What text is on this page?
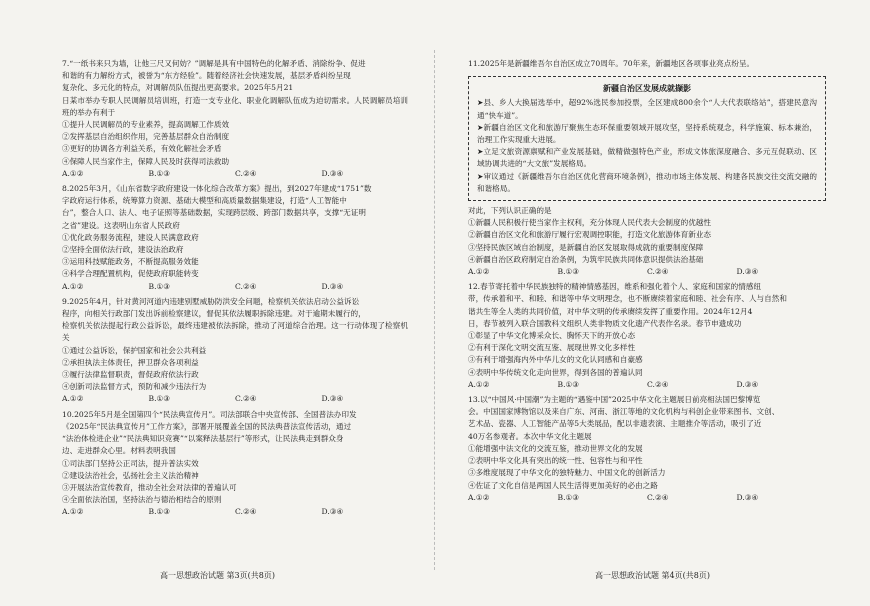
7.“一纸书来只为墙，让他三尺又何妨？”调解是具有中国特色的化解矛盾、消除纷争、促进

和谐的有力解纷方式，被誉为“东方经验”。随着经济社会快速发展，基层矛盾纠纷呈现

复杂化、多元化的特点，对调解员队伍提出更高要求。2025年5月21

日某市举办专职人民调解员培训班，打造一支专业化、职业化调解队伍成为迫切需求。人民调解员培训班的举办有利于

①提升人民调解员的专业素养，提高调解工作质效

②发挥基层自治组织作用，完善基层群众自治制度

③更好的协调各方利益关系，有效化解社会矛盾

④保障人民当家作主，保障人民及时获得司法救助

A.①②	B.①③	C.②④	D.③④

8.2025年3月，《山东省数字政府建设一体化综合改革方案》提出，到2027年建成“1751”数

字政府运行体系，统筹算力资源、基础大模型和高质量数据集建设，打造“人工智能中

台”，整合人口、法人、电子证照等基础数据，实现跨层级、跨部门数据共享，支撑“无证明

之省”建设。这表明山东省人民政府

①优化政务服务流程，建设人民满意政府

②坚持全面依法行政，建设法治政府

③运用科技赋能政务，不断提高服务效能

④科学合理配置机构，促使政府职能转变

A.①②	B.①③	C.②④	D.③④

9.2025年4月，针对黄河河道内违建别墅威胁防洪安全问题，检察机关依法启动公益诉讼

程序，向相关行政部门发出诉前检察建议，督促其依法履职拆除违建。对于逾期未履行的，

检察机关依法提起行政公益诉讼，最终违建被依法拆除，推动了河道综合治理。这一行动体现了检察机关

①通过公益诉讼，保护国家和社会公共利益

②承担执法主体责任，押卫群众各项利益

③履行法律监督职责，督促政府依法行政

④创新司法监督方式，预防和减少违法行为

A.①②	B.①③	C.②④	D.③④

10.2025年5月是全国第四个“民法典宣传月”。司法部联合中央宣传部、全国普法办印发

《2025年“民法典宣传月”工作方案》，部署开展覆盖全国的民法典普法宣传活动，通过

“法治体检进企业”“民法典知识竞赛”“以案释法基层行”等形式，让民法典走到群众身

边、走进群众心里。材料表明我国

①司法部门坚持公正司法，提升普法实效

②建设法治社会，弘扬社会主义法治精神

③开展法治宣传教育，推动全社会对法律的普遍认可

④全面依法治国，坚持法治与德治相结合的原则

A.①②	B.①③	C.②④	D.③④
高一思想政治试题 第3页(共8页)

11.2025年是新疆维吾尔自治区成立70周年。70年来，新疆地区各项事业亮点纷呈。

新疆自治区发展成就撷影

➤县、乡人大换届选举中，超92%选民参加投票，全区建成800余个“人大代表联络站”，搭建民意沟通“快车道”。

➤新疆自治区文化和旅游厅聚焦生态环保重要领域开展攻坚，坚持系统观念，科学施策、标本兼治，治理工作实现重大进展。

➤立足文旅资源禀赋和产业发展基础，做精做强特色产业，形成文体旅深度融合、多元互促联动、区域协调共进的“大文旅”发展格局。

➤审议通过《新疆维吾尔自治区优化营商环境条例》，推动市场主体发展、构建各民族交往交流交融的和谐格局。

对此，下列认识正确的是

①新疆人民积极行使当家作主权利，充分体现人民代表大会制度的优越性

②新疆自治区文化和旅游厅履行宏观调控职能，打造文化旅游体育新业态

③坚持民族区域自治制度，是新疆自治区发展取得成就的重要制度保障

④新疆自治区政府制定自治条例，为筑牢民族共同体意识提供法治基础

A.①②	B.①③	C.②④	D.③④

12.春节寄托着中华民族独特的精神情感基因，维系和强化着个人、家庭和国家的情感纽

带，传承着和平、和睦、和谐等中华文明理念，也不断赓续着家庭和睦、社会有序、人与自然和

谐共生等全人类的共同价值，对中华文明的传承赓续发挥了重要作用。2024年12月4

日，春节被列入联合国教科文组织人类非物质文化遗产代表作名录。春节申遗成功

①彰显了中华文化博采众长、胸怀天下的开放心态

②有利于深化文明交流互鉴、展现世界文化多样性

③有利于增强海内外中华儿女的文化认同感和自豪感

④表明中华传统文化走向世界，得到各国的普遍认同

A.①②	B.①③	C.②④	D.③④

13.以“中国风·中国潮”为主题的“遇鉴中国”2025中华文化主题展日前亮相法国巴黎博览

会。中国国家博物馆以及来自广东、河南、浙江等地的文化机构与科创企业带来图书、文创、

艺术品、瓷器、人工智能产品等5大类展品，配以非遗表演、主题推介等活动，吸引了近

40万名参观者。本次中华文化主题展

①能增强中法文化的交流互鉴，推动世界文化的发展

②表明中华文化具有突出的统一性、包容性与和平性

③多维度展现了中华文化的独特魅力、中国文化的创新活力

④佐证了文化自信是两国人民生活得更加美好的必由之路

A.①②	B.①③	C.②④	D.③④
高一思想政治试题 第4页(共8页)
